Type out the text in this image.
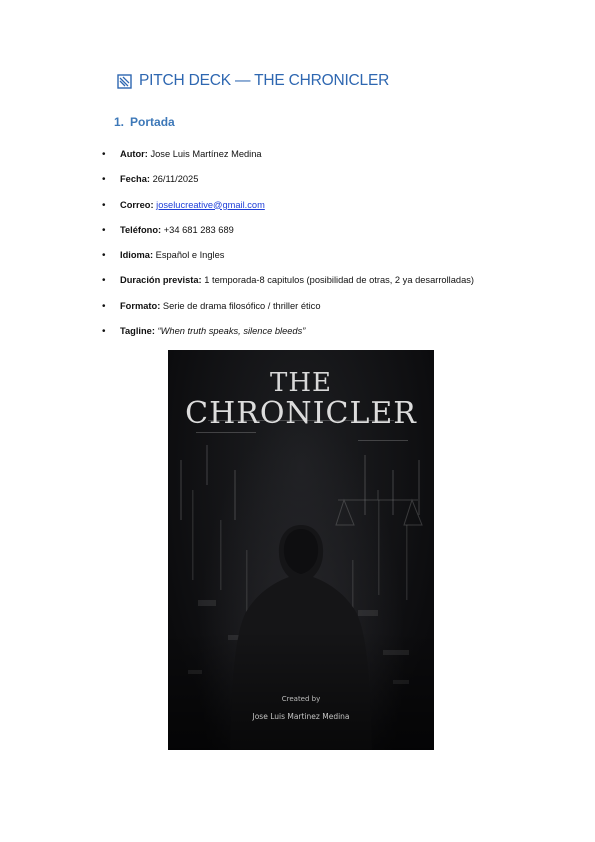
PITCH DECK — THE CHRONICLER
1. Portada
• Autor: Jose Luis Martínez Medina
• Fecha: 26/11/2025
• Correo: joselucreative@gmail.com
• Teléfono: +34 681 283 689
• Idioma: Español e Ingles
• Duración prevista: 1 temporada-8 capitulos (posibilidad de otras, 2 ya desarrolladas)
• Formato: Serie de drama filosófico / thriller ético
• Tagline: “When truth speaks, silence bleeds”
THE
CHRONICLER
Created by
Jose Luis Martinez Medina
